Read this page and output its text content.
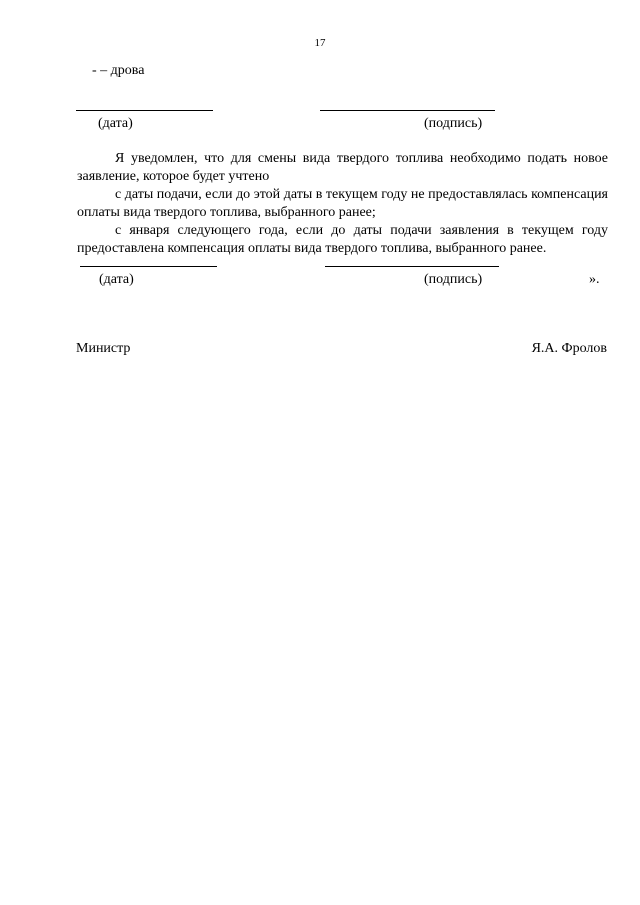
17
- – дрова
(дата)	(подпись)
Я уведомлен, что для смены вида твердого топлива необходимо подать новое заявление, которое будет учтено
с даты подачи, если до этой даты в текущем году не предоставлялась компенсация оплаты вида твердого топлива, выбранного ранее;
с января следующего года, если до даты подачи заявления в текущем году предоставлена компенсация оплаты вида твердого топлива, выбранного ранее.
(дата)	(подпись)	».
Министр	Я.А. Фролов
